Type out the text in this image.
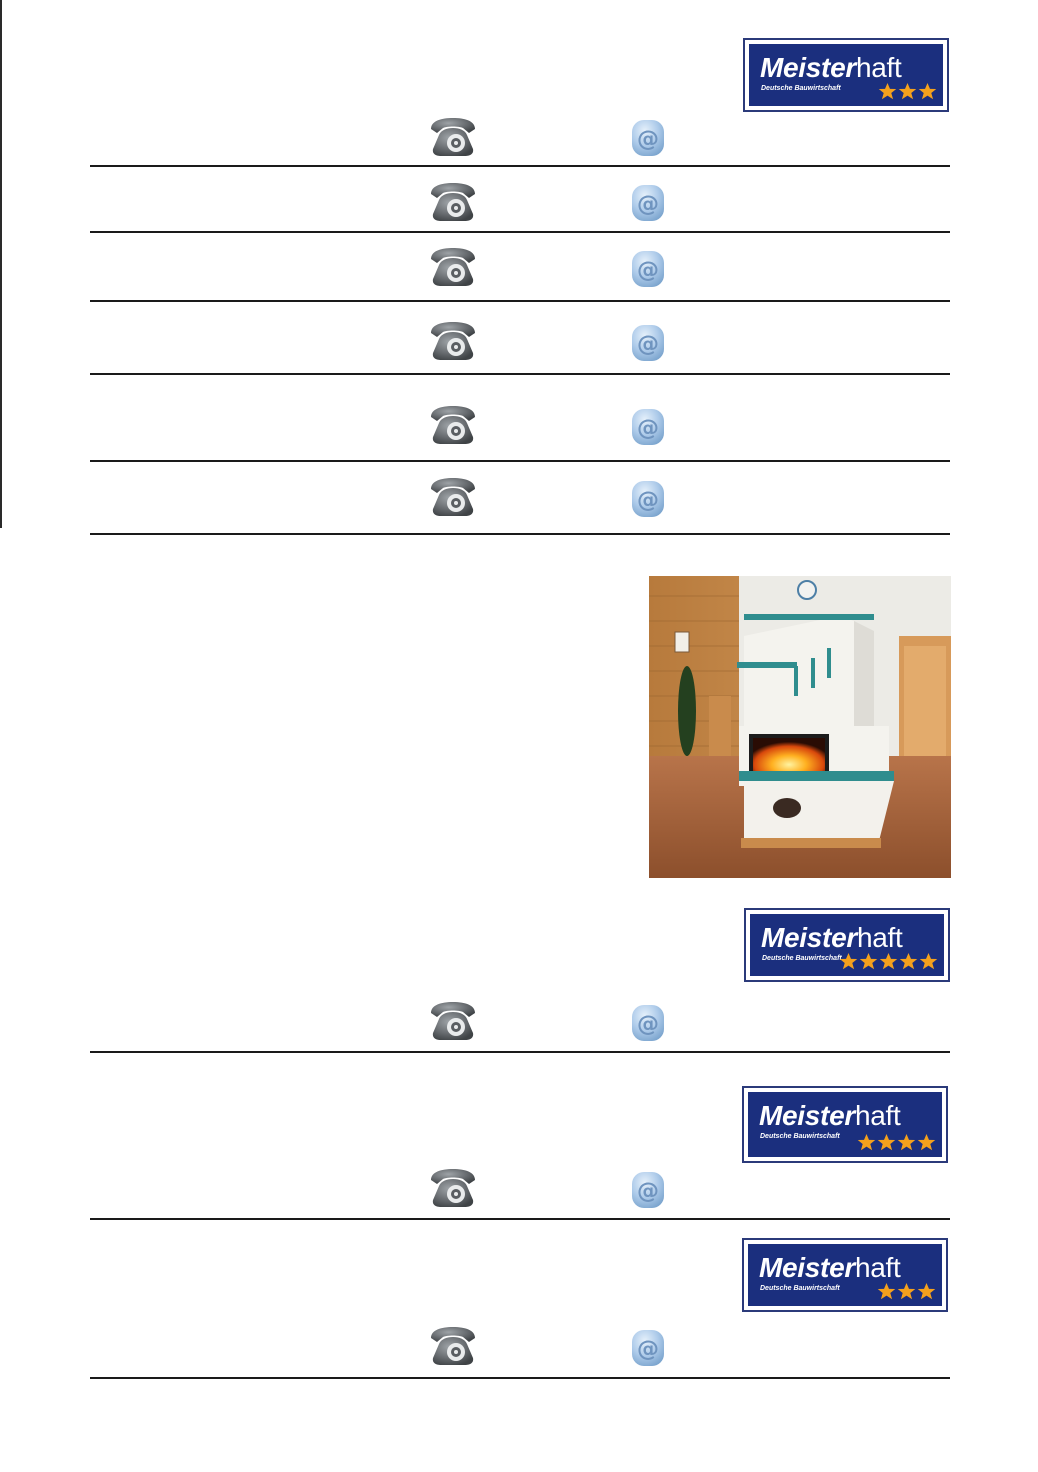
Meisterhaft
Deutsche Bauwirtschaft
Meisterhaft
Deutsche Bauwirtschaft
Meisterhaft
Deutsche Bauwirtschaft
Meisterhaft
Deutsche Bauwirtschaft
